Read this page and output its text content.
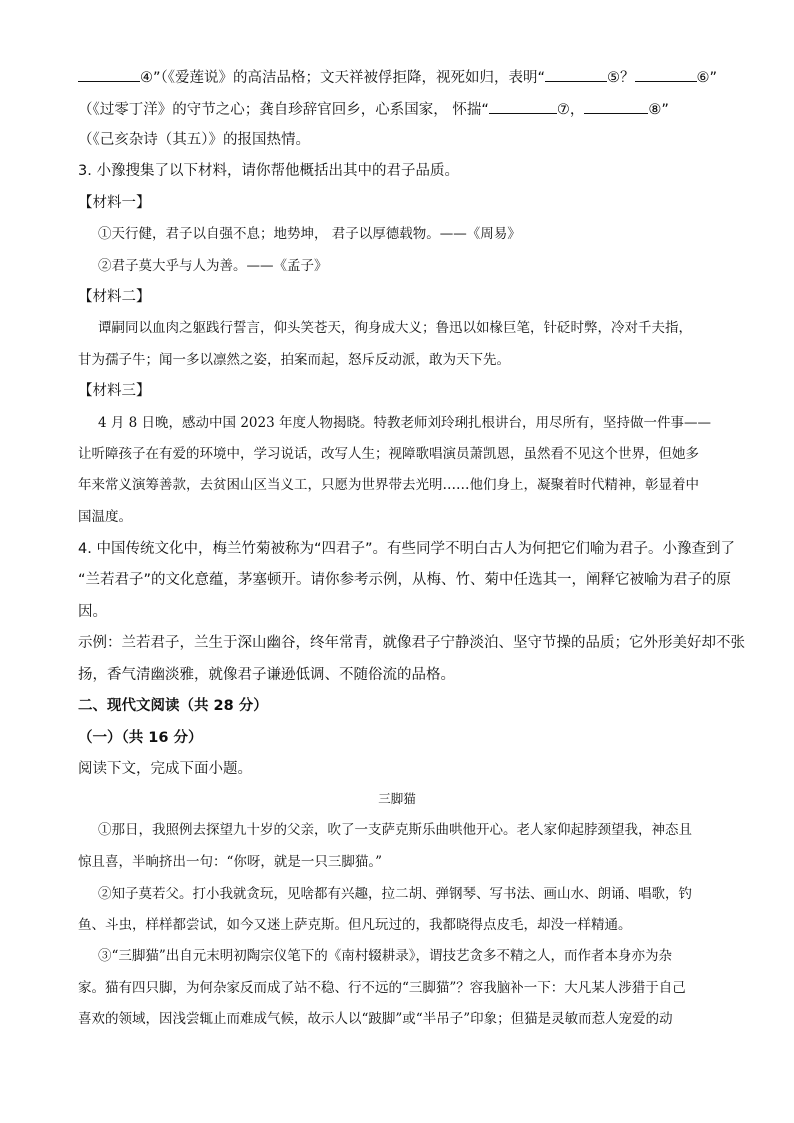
④”（《爱莲说》的高洁品格；文天祥被俘拒降，视死如归，表明“	⑤？	⑥”
（《过零丁洋》的守节之心；龚自珍辞官回乡，心系国家， 怀揣“	⑦，	⑧”
（《己亥杂诗（其五）》的报国热情。
3. 小豫搜集了以下材料，请你帮他概括出其中的君子品质。
【材料一】
①天行健，君子以自强不息；地势坤， 君子以厚德载物。——《周易》
②君子莫大乎与人为善。——《孟子》
【材料二】
谭嗣同以血肉之躯践行誓言，仰头笑苍天，徇身成大义；鲁迅以如椽巨笔，针砭时弊，冷对千夫指，
甘为孺子牛；闻一多以凛然之姿，拍案而起，怒斥反动派，敢为天下先。
【材料三】
4 月 8 日晚，感动中国 2023 年度人物揭晓。特教老师刘玲琍扎根讲台，用尽所有，坚持做一件事——
让听障孩子在有爱的环境中，学习说话，改写人生；视障歌唱演员萧凯恩，虽然看不见这个世界，但她多
年来常义演筹善款，去贫困山区当义工，只愿为世界带去光明……他们身上，凝聚着时代精神，彰显着中
国温度。
4. 中国传统文化中，梅兰竹菊被称为“四君子”。有些同学不明白古人为何把它们喻为君子。小豫查到了
“兰若君子”的文化意蕴，茅塞顿开。请你参考示例，从梅、竹、菊中任选其一，阐释它被喻为君子的原
因。
示例：兰若君子，兰生于深山幽谷，终年常青，就像君子宁静淡泊、坚守节操的品质；它外形美好却不张
扬，香气清幽淡雅，就像君子谦逊低调、不随俗流的品格。
二、现代文阅读（共 28 分）
（一）（共 16 分）
阅读下文，完成下面小题。
三脚猫
①那日，我照例去探望九十岁的父亲，吹了一支萨克斯乐曲哄他开心。老人家仰起脖颈望我，神态且
惊且喜，半晌挤出一句：“你呀，就是一只三脚猫。”
②知子莫若父。打小我就贪玩，见啥都有兴趣，拉二胡、弹钢琴、写书法、画山水、朗诵、唱歌，钓
鱼、斗虫，样样都尝试，如今又迷上萨克斯。但凡玩过的，我都晓得点皮毛，却没一样精通。
③“三脚猫”出自元末明初陶宗仪笔下的《南村辍耕录》，谓技艺贪多不精之人，而作者本身亦为杂
家。猫有四只脚，为何杂家反而成了站不稳、行不远的“三脚猫”？容我脑补一下：大凡某人涉猎于自己
喜欢的领域，因浅尝辄止而难成气候，故示人以“跛脚”或“半吊子”印象；但猫是灵敏而惹人宠爱的动
